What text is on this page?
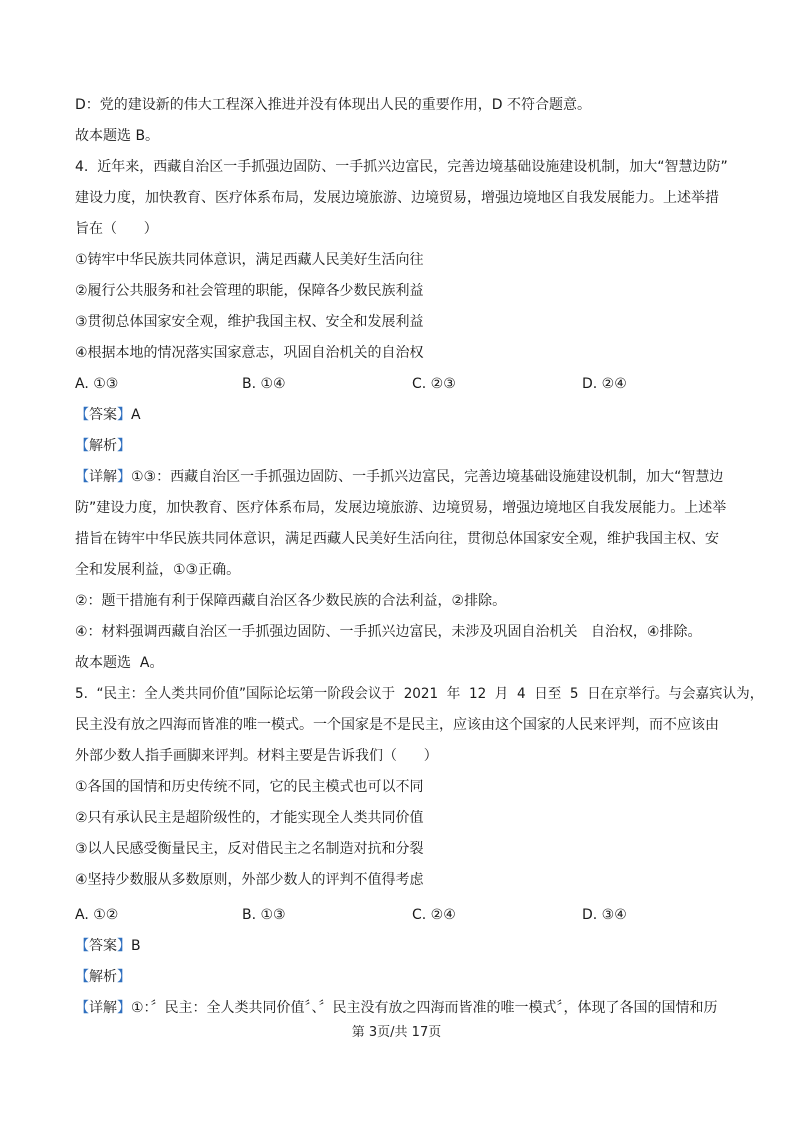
D：党的建设新的伟大工程深入推进并没有体现出人民的重要作用，D 不符合题意。
故本题选 B。
4.  近年来，西藏自治区一手抓强边固防、一手抓兴边富民，完善边境基础设施建设机制，加大“智慧边防”
建设力度，加快教育、医疗体系布局，发展边境旅游、边境贸易，增强边境地区自我发展能力。上述举措
旨在（      ）
①铸牢中华民族共同体意识，满足西藏人民美好生活向往
②履行公共服务和社会管理的职能，保障各少数民族利益
③贯彻总体国家安全观，维护我国主权、安全和发展利益
④根据本地的情况落实国家意志，巩固自治机关的自治权
A. ①③	B. ①④	C. ②③	D. ②④
【答案】A
【解析】
【详解】①③：西藏自治区一手抓强边固防、一手抓兴边富民，完善边境基础设施建设机制，加大“智慧边
防”建设力度，加快教育、医疗体系布局，发展边境旅游、边境贸易，增强边境地区自我发展能力。上述举
措旨在铸牢中华民族共同体意识，满足西藏人民美好生活向往，贯彻总体国家安全观，维护我国主权、安
全和发展利益，①③正确。
②：题干措施有利于保障西藏自治区各少数民族的合法利益，②排除。
④：材料强调西藏自治区一手抓强边固防、一手抓兴边富民，未涉及巩固自治机关   自治权，④排除。
故本题选  A。
5.  “民主：全人类共同价值”国际论坛第一阶段会议于  2021  年  12  月  4  日至  5  日在京举行。与会嘉宾认为，
民主没有放之四海而皆准的唯一模式。一个国家是不是民主，应该由这个国家的人民来评判，而不应该由
外部少数人指手画脚来评判。材料主要是告诉我们（      ）
①各国的国情和历史传统不同，它的民主模式也可以不同
②只有承认民主是超阶级性的，才能实现全人类共同价值
③以人民感受衡量民主，反对借民主之名制造对抗和分裂
④坚持少数服从多数原则，外部少数人的评判不值得考虑
A. ①②	B. ①③	C. ②④	D. ③④
【答案】B
【解析】
【详解】①：〞民主：全人类共同价值〞、〞民主没有放之四海而皆准的唯一模式〞，体现了各国的国情和历
第 3页/共 17页
